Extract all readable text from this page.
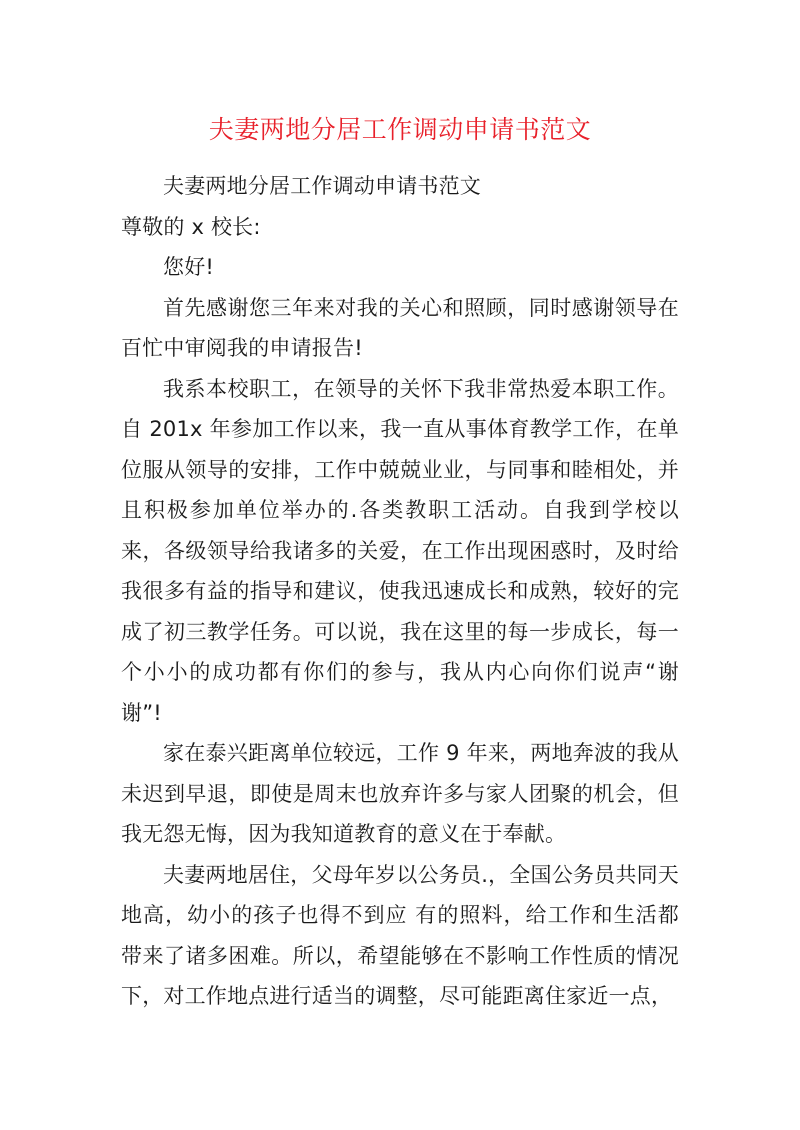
夫妻两地分居工作调动申请书范文

夫妻两地分居工作调动申请书范文

尊敬的 x 校长:

您好!

首先感谢您三年来对我的关心和照顾，同时感谢领导在百忙中审阅我的申请报告!

我系本校职工，在领导的关怀下我非常热爱本职工作。自 201x 年参加工作以来，我一直从事体育教学工作，在单位服从领导的安排，工作中兢兢业业，与同事和睦相处，并且积极参加单位举办的.各类教职工活动。自我到学校以来，各级领导给我诸多的关爱，在工作出现困惑时，及时给我很多有益的指导和建议，使我迅速成长和成熟，较好的完成了初三教学任务。可以说，我在这里的每一步成长，每一个小小的成功都有你们的参与，我从内心向你们说声“谢谢”!

家在泰兴距离单位较远，工作 9 年来，两地奔波的我从未迟到早退，即使是周末也放弃许多与家人团聚的机会，但我无怨无悔，因为我知道教育的意义在于奉献。

夫妻两地居住，父母年岁以公务员.，全国公务员共同天地高，幼小的孩子也得不到应 有的照料，给工作和生活都带来了诸多困难。所以，希望能够在不影响工作性质的情况下，对工作地点进行适当的调整，尽可能距离住家近一点，
